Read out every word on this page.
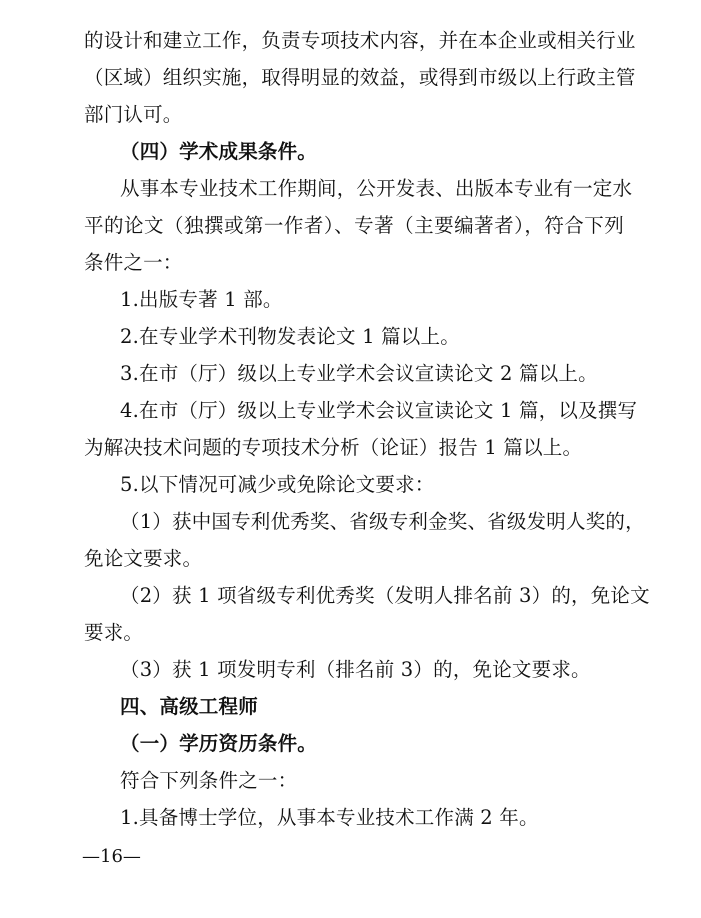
的设计和建立工作，负责专项技术内容，并在本企业或相关行业
（区域）组织实施，取得明显的效益，或得到市级以上行政主管
部门认可。
（四）学术成果条件。
从事本专业技术工作期间，公开发表、出版本专业有一定水
平的论文（独撰或第一作者）、专著（主要编著者），符合下列
条件之一：
1.出版专著 1 部。
2.在专业学术刊物发表论文 1 篇以上。
3.在市（厅）级以上专业学术会议宣读论文 2 篇以上。
4.在市（厅）级以上专业学术会议宣读论文 1 篇，以及撰写
为解决技术问题的专项技术分析（论证）报告 1 篇以上。
5.以下情况可减少或免除论文要求：
（1）获中国专利优秀奖、省级专利金奖、省级发明人奖的，
免论文要求。
（2）获 1 项省级专利优秀奖（发明人排名前 3）的，免论文
要求。
（3）获 1 项发明专利（排名前 3）的，免论文要求。
四、高级工程师
（一）学历资历条件。
符合下列条件之一：
1.具备博士学位，从事本专业技术工作满 2 年。
—16—
